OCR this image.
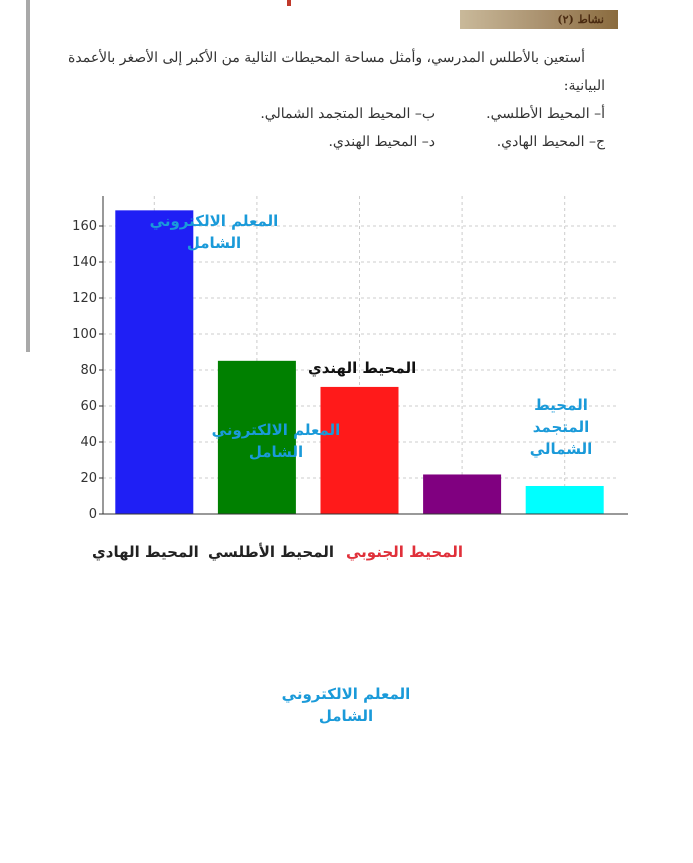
نشاط (٢)
أستعين بالأطلس المدرسي، وأمثل مساحة المحيطات التالية من الأكبر إلى الأصغر بالأعمدة
البيانية:
أ– المحيط الأطلسي.
ب– المحيط المتجمد الشمالي.
ج– المحيط الهادي.
د– المحيط الهندي.
0
20
40
60
80
100
120
140
160
المحيط الهادي المحيط الأطلسي المحيط الجنوبي
المحيط الهندي
المحيط
المتجمد
الشمالي
المعلم الالكتروني
الشامل
المعلم الالكتروني
الشامل
المعلم الالكتروني
الشامل
